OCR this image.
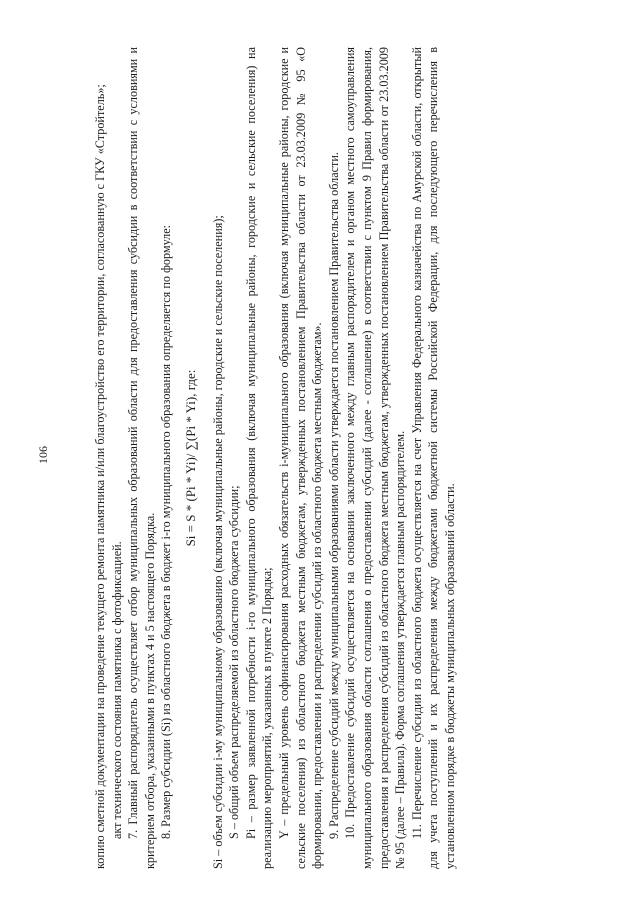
106	копию сметной документации на проведение текущего ремонта памятника и/или благоустройство его территории, согласованную с ГКУ «Стройтель»; акт технического состояния памятника с фотофиксацией. 7. Главный распорядитель осуществляет отбор муниципальных образований области для предоставления субсидии в соответствии с условиями и критерием отбора, указанными в пунктах 4 и 5 настоящего Порядка. 8. Размер субсидии (Si) из областного бюджета в бюджет i-го муниципального образования определяется по формуле: Si = S * (Pi * Yi)/ ∑(Pi * Yi), где: Si – объем субсидии i-му муниципальному образованию (включая муниципальные районы, городские и сельские поселения); S – общий объем распределяемой из областного бюджета субсидии; Pi – размер заявленной потребности i-го муниципального образования (включая муниципальные районы, городские и сельские поселения) на реализацию мероприятий, указанных в пункте 2 Порядка; Y – предельный уровень софинансирования расходных обязательств i-муниципального образования (включая муниципальные районы, городские и сельские поселения) из областного бюджета местным бюджетам, утвержденных постановлением Правительства области от 23.03.2009 № 95 «О формировании, предоставлении и распределении субсидий из областного бюджета местным бюджетам». 9. Распределение субсидий между муниципальными образованиями области утверждается постановлением Правительства области. 10. Предоставление субсидий осуществляется на основании заключенного между главным распорядителем и органом местного самоуправления муниципального образования области соглашения о предоставлении субсидий (далее - соглашение) в соответствии с пунктом 9 Правил формирования, предоставления и распределения субсидий из областного бюджета местным бюджетам, утвержденных постановлением Правительства области от 23.03.2009 № 95 (далее – Правила). Форма соглашения утверждается главным распорядителем. 11. Перечисление субсидии из областного бюджета осуществляется на счет Управления Федерального казначейства по Амурской области, открытый для учета поступлений и их распределения между бюджетами бюджетной системы Российской Федерации, для последующего перечисления в установленном порядке в бюджеты муниципальных образований области.
